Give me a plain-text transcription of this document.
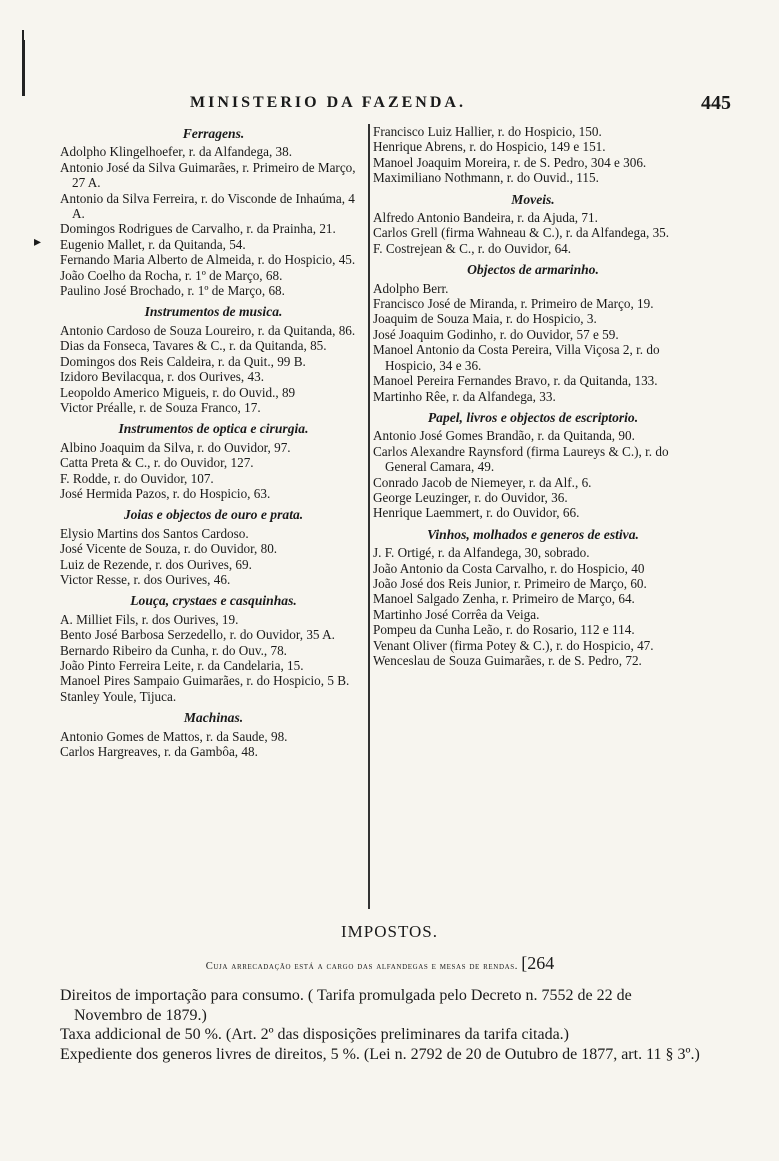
▸
MINISTERIO DA FAZENDA.	445
Ferragens.

Adolpho Klingelhoefer, r. da Alfandega, 38.

Antonio José da Silva Guimarães, r. Primeiro de Março, 27 A.

Antonio da Silva Ferreira, r. do Visconde de Inhaúma, 4 A.

Domingos Rodrigues de Carvalho, r. da Prainha, 21.

Eugenio Mallet, r. da Quitanda, 54.

Fernando Maria Alberto de Almeida, r. do Hospicio, 45.

João Coelho da Rocha, r. 1º de Março, 68.

Paulino José Brochado, r. 1º de Março, 68.

Instrumentos de musica.

Antonio Cardoso de Souza Loureiro, r. da Quitanda, 86.

Dias da Fonseca, Tavares & C., r. da Quitanda, 85.

Domingos dos Reis Caldeira, r. da Quit., 99 B.

Izidoro Bevilacqua, r. dos Ourives, 43.

Leopoldo Americo Migueis, r. do Ouvid., 89

Victor Préalle, r. de Souza Franco, 17.

Instrumentos de optica e cirurgia.

Albino Joaquim da Silva, r. do Ouvidor, 97.

Catta Preta & C., r. do Ouvidor, 127.

F. Rodde, r. do Ouvidor, 107.

José Hermida Pazos, r. do Hospicio, 63.

Joias e objectos de ouro e prata.

Elysio Martins dos Santos Cardoso.

José Vicente de Souza, r. do Ouvidor, 80.

Luiz de Rezende, r. dos Ourives, 69.

Victor Resse, r. dos Ourives, 46.

Louça, crystaes e casquinhas.

A. Milliet Fils, r. dos Ourives, 19.

Bento José Barbosa Serzedello, r. do Ouvidor, 35 A.

Bernardo Ribeiro da Cunha, r. do Ouv., 78.

João Pinto Ferreira Leite, r. da Candelaria, 15.

Manoel Pires Sampaio Guimarães, r. do Hospicio, 5 B.

Stanley Youle, Tijuca.

Machinas.

Antonio Gomes de Mattos, r. da Saude, 98.

Carlos Hargreaves, r. da Gambôa, 48.

Francisco Luiz Hallier, r. do Hospicio, 150.

Henrique Abrens, r. do Hospicio, 149 e 151.

Manoel Joaquim Moreira, r. de S. Pedro, 304 e 306.

Maximiliano Nothmann, r. do Ouvid., 115.

Moveis.

Alfredo Antonio Bandeira, r. da Ajuda, 71.

Carlos Grell (firma Wahneau & C.), r. da Alfandega, 35.

F. Costrejean & C., r. do Ouvidor, 64.

Objectos de armarinho.

Adolpho Berr.

Francisco José de Miranda, r. Primeiro de Março, 19.

Joaquim de Souza Maia, r. do Hospicio, 3.

José Joaquim Godinho, r. do Ouvidor, 57 e 59.

Manoel Antonio da Costa Pereira, Villa Viçosa 2, r. do Hospicio, 34 e 36.

Manoel Pereira Fernandes Bravo, r. da Quitanda, 133.

Martinho Rêe, r. da Alfandega, 33.

Papel, livros e objectos de escriptorio.

Antonio José Gomes Brandão, r. da Quitanda, 90.

Carlos Alexandre Raynsford (firma Laureys & C.), r. do General Camara, 49.

Conrado Jacob de Niemeyer, r. da Alf., 6.

George Leuzinger, r. do Ouvidor, 36.

Henrique Laemmert, r. do Ouvidor, 66.

Vinhos, molhados e generos de estiva.

J. F. Ortigé, r. da Alfandega, 30, sobrado.

João Antonio da Costa Carvalho, r. do Hospicio, 40

João José dos Reis Junior, r. Primeiro de Março, 60.

Manoel Salgado Zenha, r. Primeiro de Março, 64.

Martinho José Corrêa da Veiga.

Pompeu da Cunha Leão, r. do Rosario, 112 e 114.

Venant Oliver (firma Potey & C.), r. do Hospicio, 47.

Wenceslau de Souza Guimarães, r. de S. Pedro, 72.

IMPOSTOS.
Cuja arrecadação está a cargo das alfandegas e mesas de rendas. [264

Direitos de importação para consumo. ( Tarifa promulgada pelo Decreto n. 7552 de 22 de Novembro de 1879.)

Taxa addicional de 50 %. (Art. 2º das disposições preliminares da tarifa citada.)

Expediente dos generos livres de direitos, 5 %. (Lei n. 2792 de 20 de Outubro de 1877, art. 11 § 3º.)
